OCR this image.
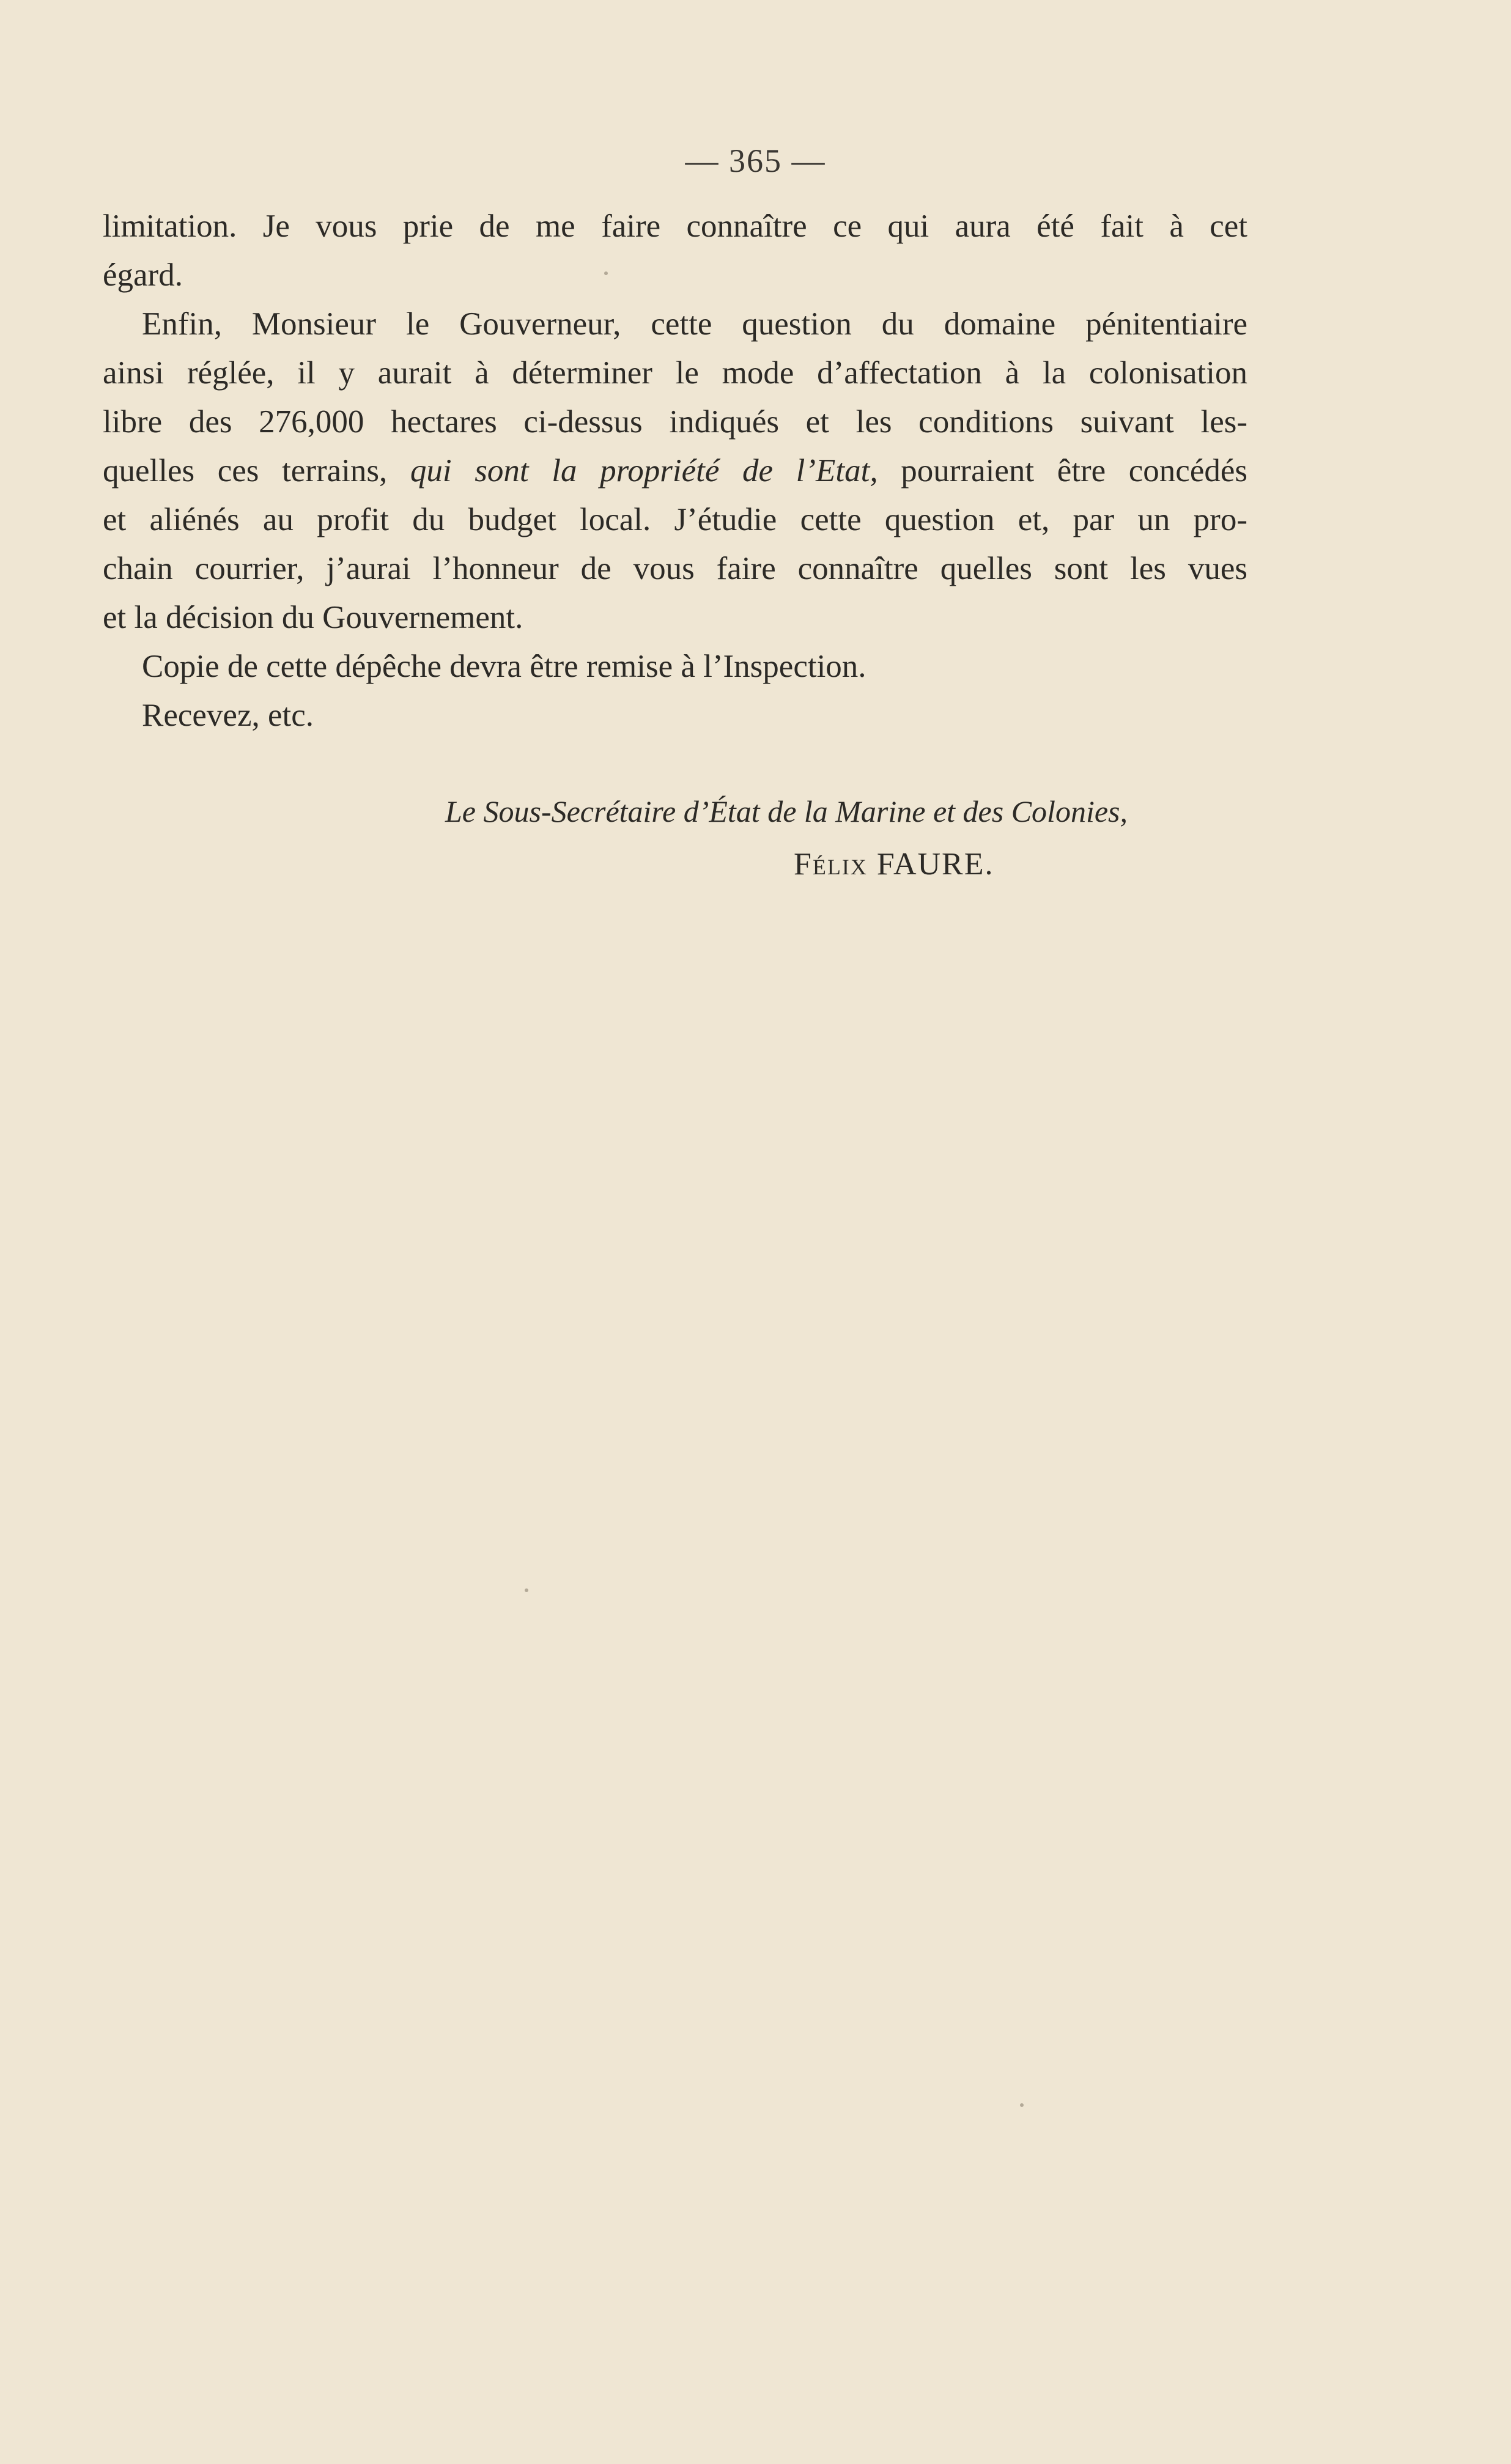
— 365 —

limitation. Je vous prie de me faire connaître ce qui aura été fait à cet
égard.

Enfin, Monsieur le Gouverneur, cette question du domaine pénitentiaire
ainsi réglée, il y aurait à déterminer le mode d’affectation à la colonisation
libre des 276,000 hectares ci-dessus indiqués et les conditions suivant les-
quelles ces terrains, qui sont la propriété de l’Etat, pourraient être concédés
et aliénés au profit du budget local. J’étudie cette question et, par un pro-
chain courrier, j’aurai l’honneur de vous faire connaître quelles sont les vues
et la décision du Gouvernement.

Copie de cette dépêche devra être remise à l’Inspection.

Recevez, etc.

Le Sous-Secrétaire d’État de la Marine et des Colonies,
Félix FAURE.
